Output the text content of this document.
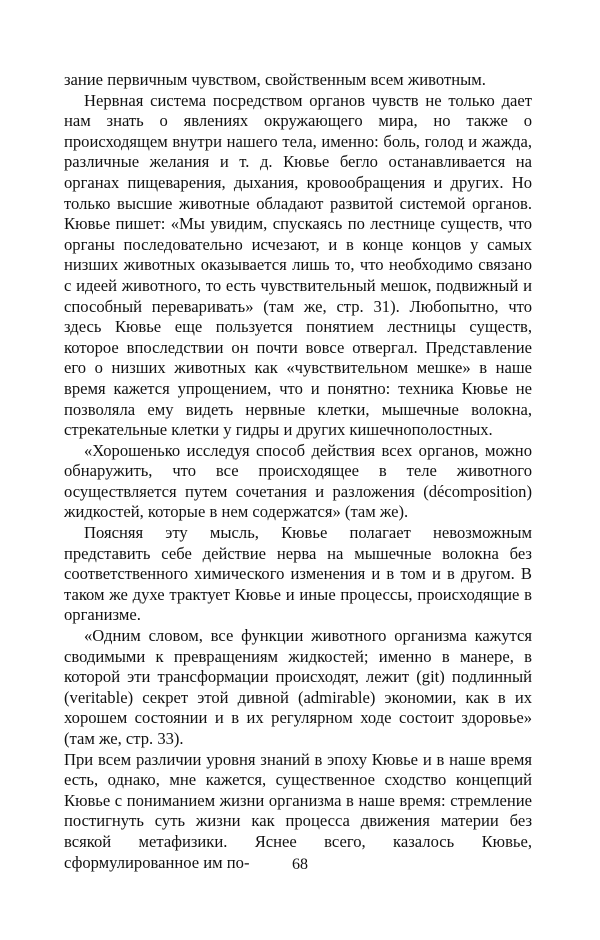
зание первичным чувством, свойственным всем животным.

Нервная система посредством органов чувств не только дает нам знать о явлениях окружающего мира, но также о происходящем внутри нашего тела, именно: боль, голод и жажда, различные желания и т. д. Кювье бегло останавливается на органах пищеварения, дыхания, кровообращения и других. Но только высшие животные обладают развитой системой органов. Кювье пишет: «Мы увидим, спускаясь по лестнице существ, что органы последовательно исчезают, и в конце концов у самых низших животных оказывается лишь то, что необходимо связано с идеей животного, то есть чувствительный мешок, подвижный и способный переваривать» (там же, стр. 31). Любопытно, что здесь Кювье еще пользуется понятием лестницы существ, которое впоследствии он почти вовсе отвергал. Представление его о низших животных как «чувствительном мешке» в наше время кажется упрощением, что и понятно: техника Кювье не позволяла ему видеть нервные клетки, мышечные волокна, стрекательные клетки у гидры и других кишечнополостных.

«Хорошенько исследуя способ действия всех органов, можно обнаружить, что все происходящее в теле животного осуществляется путем сочетания и разложения (décomposition) жидкостей, которые в нем содержатся» (там же).

Поясняя эту мысль, Кювье полагает невозможным представить себе действие нерва на мышечные волокна без соответственного химического изменения и в том и в другом. В таком же духе трактует Кювье и иные процессы, происходящие в организме.

«Одним словом, все функции животного организма кажутся сводимыми к превращениям жидкостей; именно в манере, в которой эти трансформации происходят, лежит (git) подлинный (veritable) секрет этой дивной (admirable) экономии, как в их хорошем состоянии и в их регулярном ходе состоит здоровье» (там же, стр. 33).

При всем различии уровня знаний в эпоху Кювье и в наше время есть, однако, мне кажется, существенное сходство концепций Кювье с пониманием жизни организма в наше время: стремление постигнуть суть жизни как процесса движения материи без всякой метафизики. Яснее всего, казалось Кювье, сформулированное им по-	68
